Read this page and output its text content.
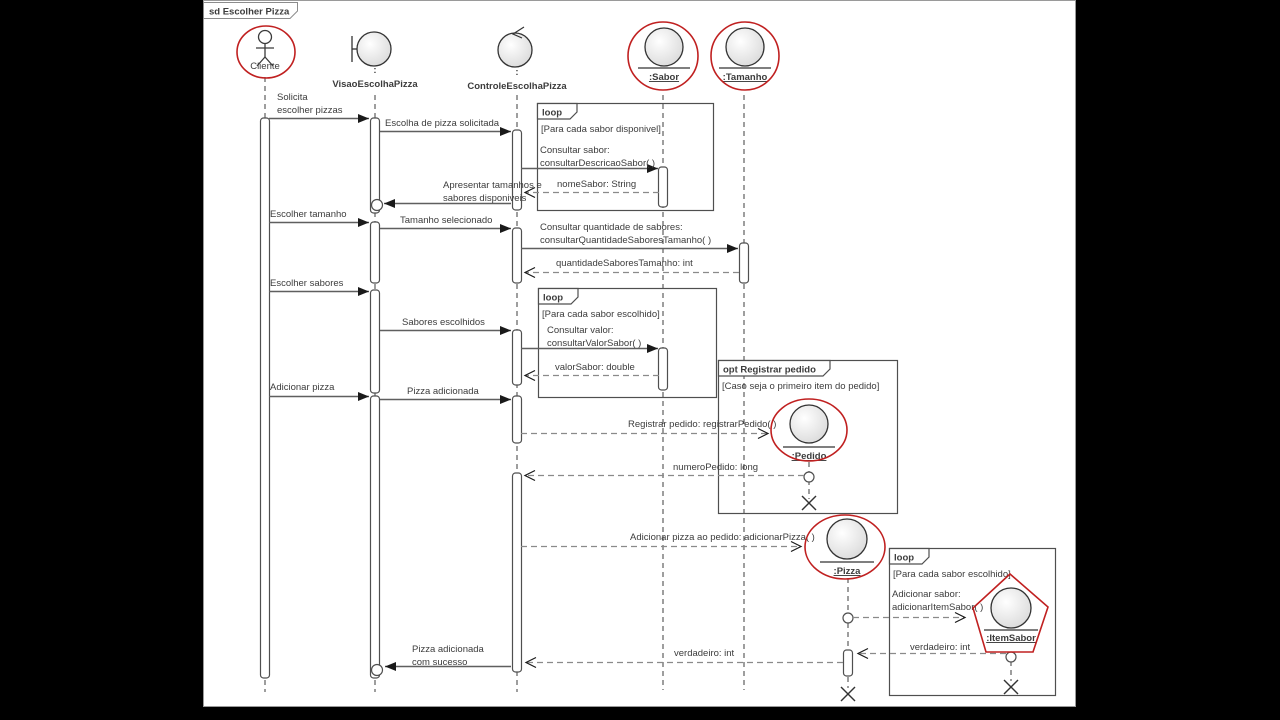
sd Escolher Pizza
loop
[Para cada sabor disponivel]
loop
[Para cada sabor escolhido]
opt Registrar pedido
[Caso seja o primeiro item do pedido]
loop
[Para cada sabor escolhido]
Solicita
escolher pizzas
Escolha de pizza solicitada
Consultar sabor:
consultarDescricaoSabor( )
nomeSabor: String
Apresentar tamanhos e
sabores disponiveis
Escolher tamanho
Tamanho selecionado
Consultar quantidade de sabores:
consultarQuantidadeSaboresTamanho( )
quantidadeSaboresTamanho: int
Escolher sabores
Sabores escolhidos
Consultar valor:
consultarValorSabor( )
valorSabor: double
Adicionar pizza	Pizza adicionada
Registrar pedido: registrarPedido( )
numeroPedido: long
Adicionar pizza ao pedido: adicionarPizza( )
Adicionar sabor:
adicionarItemSabor( )
verdadeiro: int
verdadeiro: int
Pizza adicionada
com sucesso
Cliente	:
VisaoEscolhaPizza
:
ControleEscolhaPizza
:Sabor	:Tamanho
:Pedido
:Pizza
:ItemSabor
